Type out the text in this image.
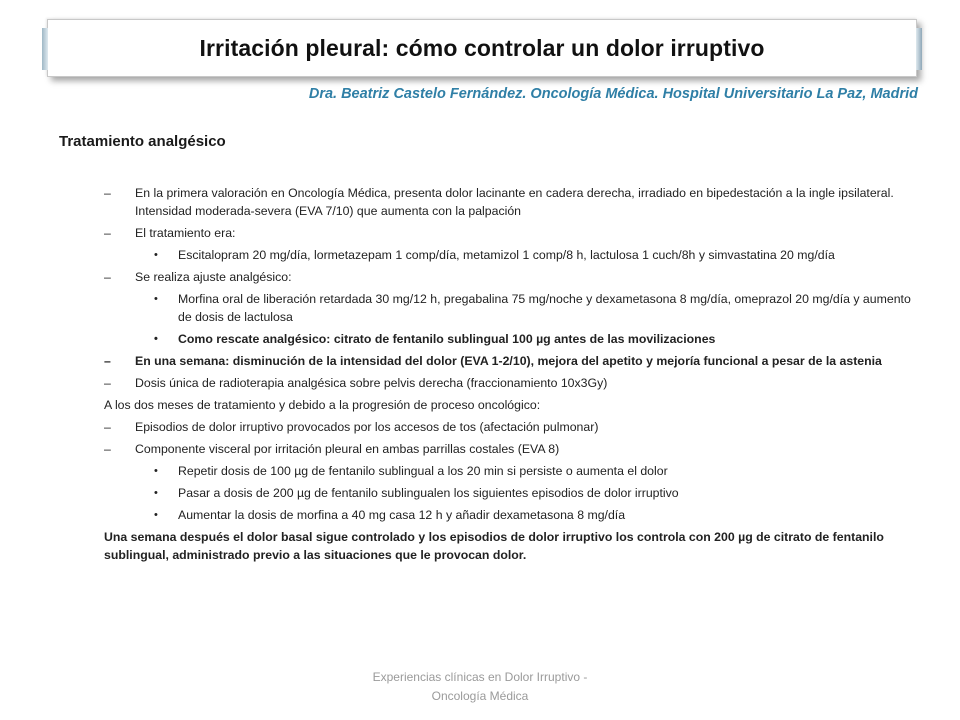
Irritación pleural: cómo controlar un dolor irruptivo
Dra. Beatriz Castelo Fernández. Oncología Médica. Hospital Universitario La Paz, Madrid
Tratamiento analgésico
– En la primera valoración en Oncología Médica, presenta dolor lacinante en cadera derecha, irradiado en bipedestación a la ingle ipsilateral. Intensidad moderada-severa (EVA 7/10) que aumenta con la palpación
– El tratamiento era:
• Escitalopram 20 mg/día, lormetazepam 1 comp/día, metamizol 1 comp/8 h, lactulosa 1 cuch/8h y simvastatina 20 mg/día
– Se realiza ajuste analgésico:
• Morfina oral de liberación retardada 30 mg/12 h, pregabalina 75 mg/noche y dexametasona 8 mg/día, omeprazol 20 mg/día y aumento de dosis de lactulosa
• Como rescate analgésico: citrato de fentanilo sublingual 100 µg antes de las movilizaciones
– En una semana: disminución de la intensidad del dolor (EVA 1-2/10), mejora del apetito y mejoría funcional a pesar de la astenia
– Dosis única de radioterapia analgésica sobre pelvis derecha (fraccionamiento 10x3Gy)
A los dos meses de tratamiento y debido a la progresión de proceso oncológico:
– Episodios de dolor irruptivo provocados por los accesos de tos (afectación pulmonar)
– Componente visceral por irritación pleural en ambas parrillas costales (EVA 8)
• Repetir dosis de 100 µg de fentanilo sublingual a los 20 min si persiste o aumenta el dolor
• Pasar a dosis de 200 µg de fentanilo sublingualen los siguientes episodios de dolor irruptivo
• Aumentar la dosis de morfina a 40 mg casa 12 h y añadir dexametasona 8 mg/día
Una semana después el dolor basal sigue controlado y los episodios de dolor irruptivo los controla con 200 µg de citrato de fentanilo sublingual, administrado previo a las situaciones que le provocan dolor.
Experiencias clínicas en Dolor Irruptivo -
Oncología Médica
